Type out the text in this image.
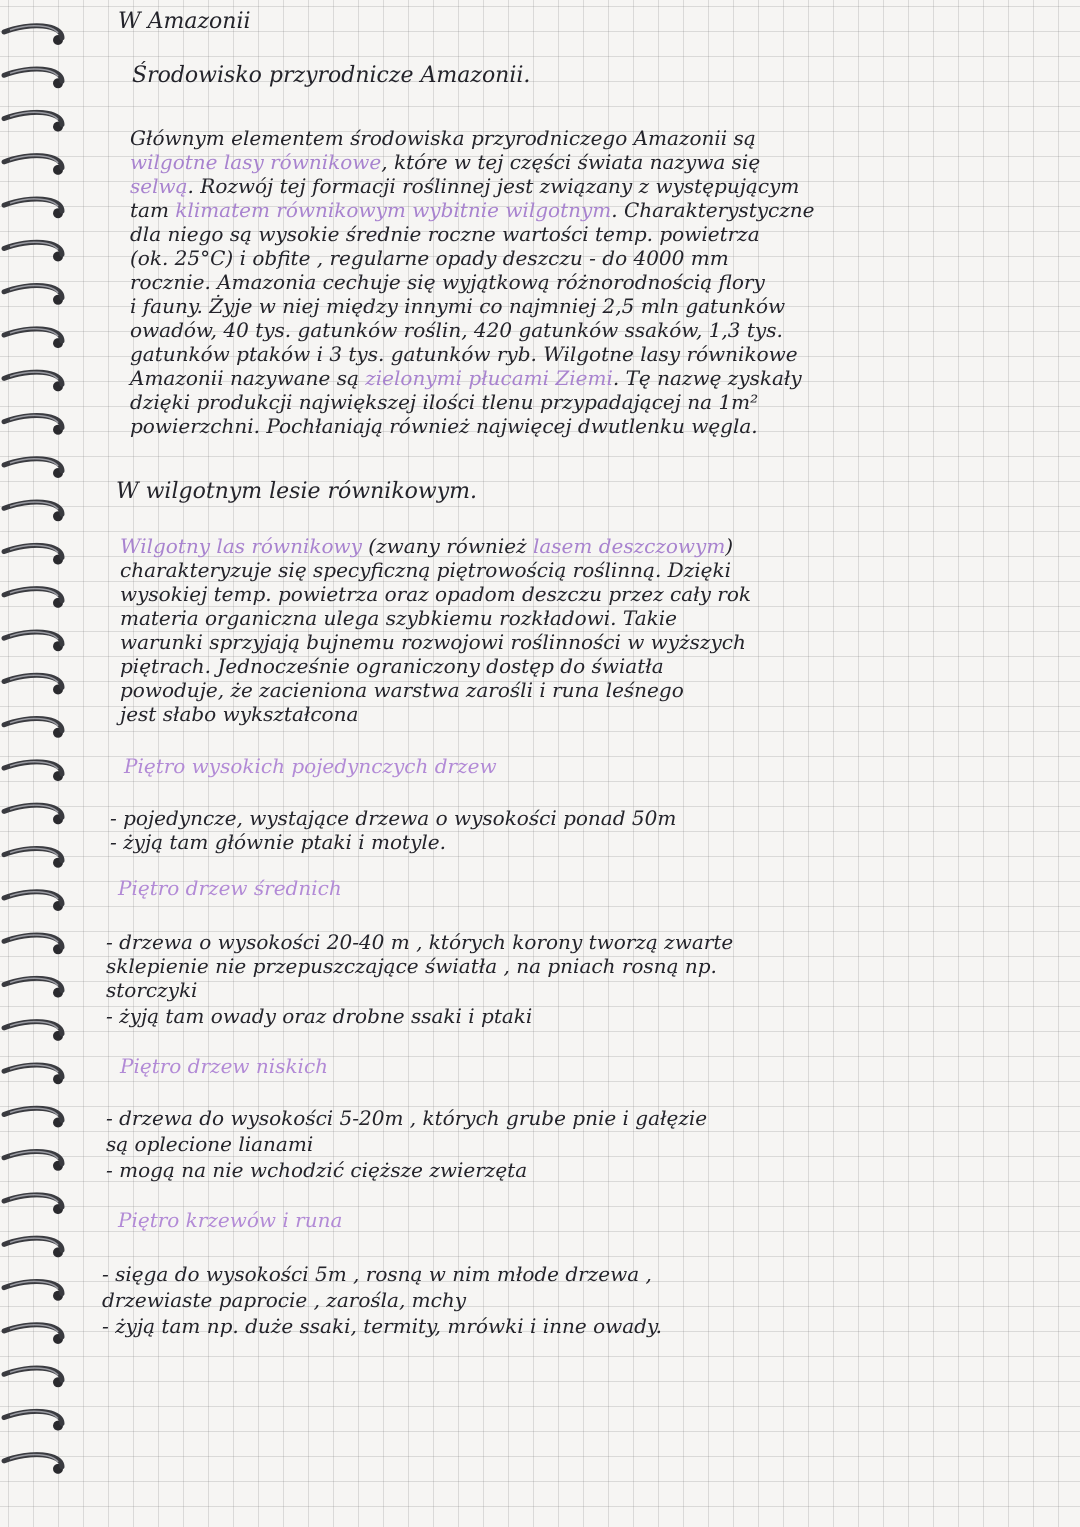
W Amazonii
Środowisko przyrodnicze Amazonii.
Głównym elementem środowiska przyrodniczego Amazonii są
wilgotne lasy równikowe, które w tej części świata nazywa się
selwą. Rozwój tej formacji roślinnej jest związany z występującym
tam klimatem równikowym wybitnie wilgotnym. Charakterystyczne
dla niego są wysokie średnie roczne wartości temp. powietrza
(ok. 25°C) i obfite , regularne opady deszczu - do 4000 mm
rocznie. Amazonia cechuje się wyjątkową różnorodnością flory
i fauny. Żyje w niej między innymi co najmniej 2,5 mln gatunków
owadów, 40 tys. gatunków roślin, 420 gatunków ssaków, 1,3 tys.
gatunków ptaków i 3 tys. gatunków ryb. Wilgotne lasy równikowe
Amazonii nazywane są zielonymi płucami Ziemi. Tę nazwę zyskały
dzięki produkcji największej ilości tlenu przypadającej na 1m²
powierzchni. Pochłaniają również najwięcej dwutlenku węgla.
W wilgotnym lesie równikowym.
Wilgotny las równikowy (zwany również lasem deszczowym)
charakteryzuje się specyficzną piętrowością roślinną. Dzięki
wysokiej temp. powietrza oraz opadom deszczu przez cały rok
materia organiczna ulega szybkiemu rozkładowi. Takie
warunki sprzyjają bujnemu rozwojowi roślinności w wyższych
piętrach. Jednocześnie ograniczony dostęp do światła
powoduje, że zacieniona warstwa zarośli i runa leśnego
jest słabo wykształcona
Piętro wysokich pojedynczych drzew
- pojedyncze, wystające drzewa o wysokości ponad 50m
- żyją tam głównie ptaki i motyle.
Piętro drzew średnich
- drzewa o wysokości 20-40 m , których korony tworzą zwarte
sklepienie nie przepuszczające światła , na pniach rosną np.
storczyki
- żyją tam owady oraz drobne ssaki i ptaki
Piętro drzew niskich
- drzewa do wysokości 5-20m , których grube pnie i gałęzie
są oplecione lianami
- mogą na nie wchodzić cięższe zwierzęta
Piętro krzewów i runa
- sięga do wysokości 5m , rosną w nim młode drzewa ,
drzewiaste paprocie , zarośla, mchy
- żyją tam np. duże ssaki, termity, mrówki i inne owady.
